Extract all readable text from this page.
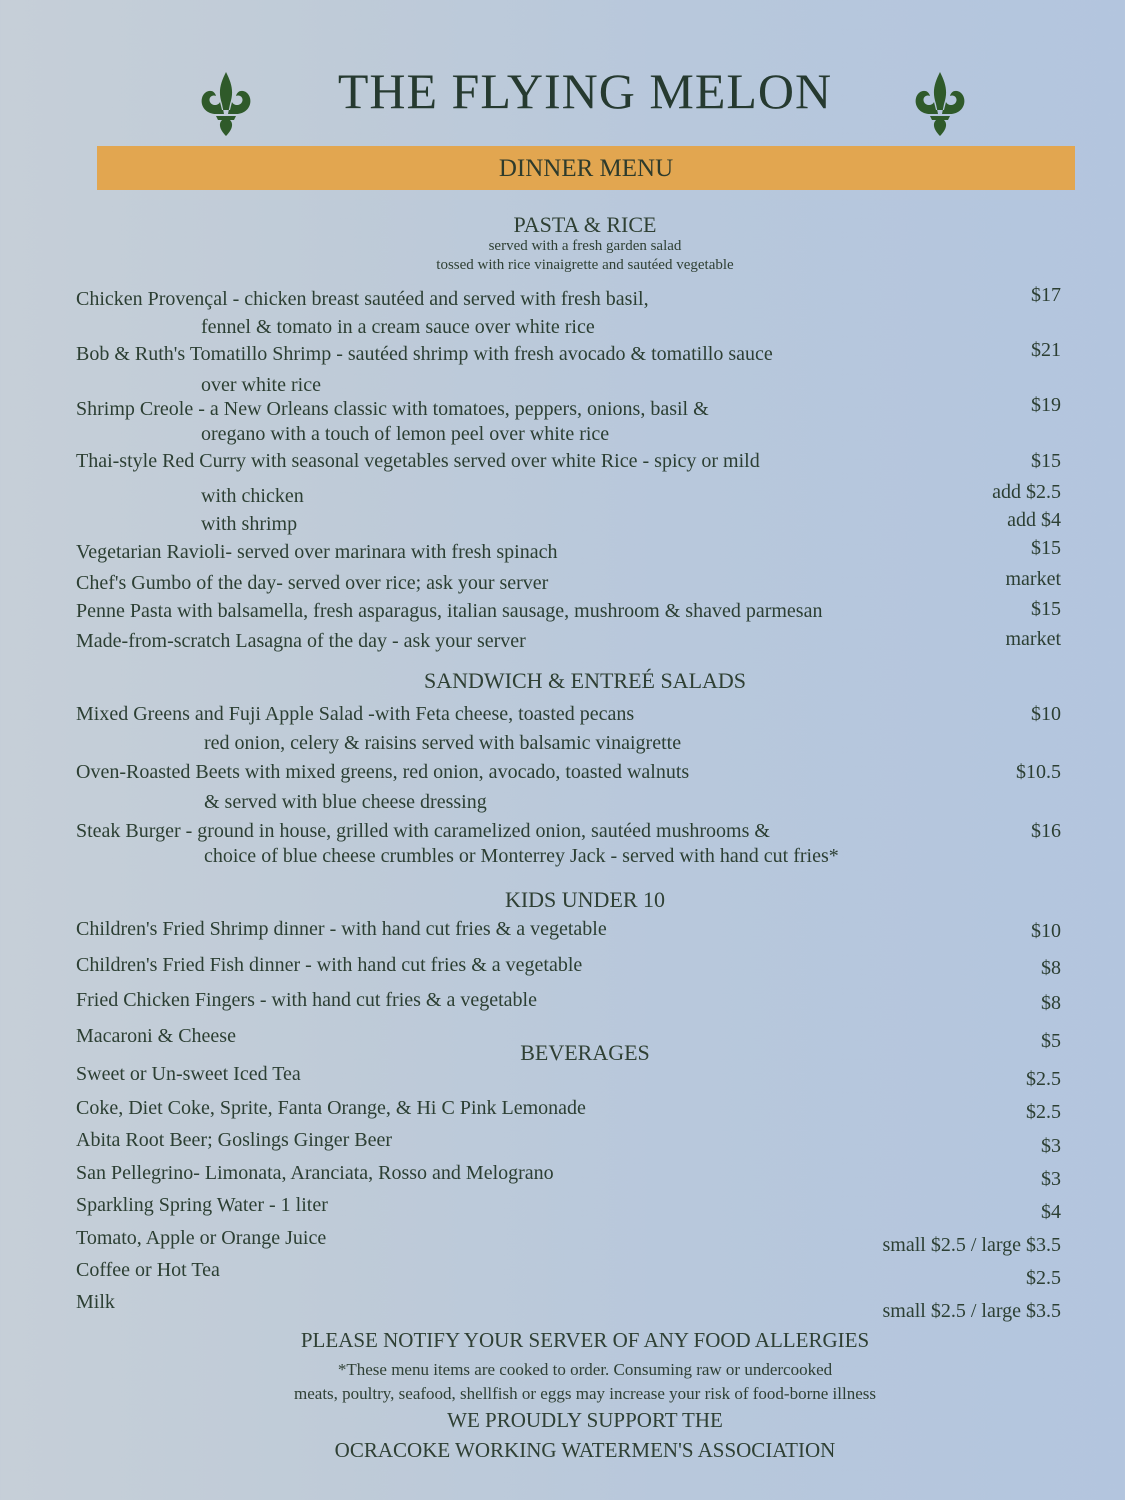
THE FLYING MELON
DINNER MENU
PASTA & RICE
served with a fresh garden salad
tossed with rice vinaigrette and sautéed vegetable
Chicken Provençal - chicken breast sautéed and served with fresh basil,	$17
fennel & tomato in a cream sauce over white rice
Bob & Ruth's Tomatillo Shrimp - sautéed shrimp with fresh avocado & tomatillo sauce	$21
over white rice
Shrimp Creole - a New Orleans classic with tomatoes, peppers, onions, basil &	$19
oregano with a touch of lemon peel over white rice
Thai-style Red Curry with seasonal vegetables served over white Rice - spicy or mild	$15
with chicken	add $2.5
with shrimp	add $4
Vegetarian Ravioli- served over marinara with fresh spinach	$15
Chef's Gumbo of the day- served over rice; ask your server	market
Penne Pasta with balsamella, fresh asparagus, italian sausage, mushroom & shaved parmesan	$15
Made-from-scratch Lasagna of the day - ask your server	market
SANDWICH & ENTREÉ SALADS
Mixed Greens and Fuji Apple Salad -with Feta cheese, toasted pecans	$10
red onion, celery & raisins served with balsamic vinaigrette
Oven-Roasted Beets with mixed greens, red onion, avocado, toasted walnuts	$10.5
& served with blue cheese dressing
Steak Burger - ground in house, grilled with caramelized onion, sautéed mushrooms &	$16
choice of blue cheese crumbles or Monterrey Jack - served with hand cut fries*
KIDS UNDER 10
Children's Fried Shrimp dinner - with hand cut fries & a vegetable	$10
Children's Fried Fish dinner - with hand cut fries & a vegetable	$8
Fried Chicken Fingers - with hand cut fries & a vegetable	$8
Macaroni & Cheese	$5
BEVERAGES
Sweet or Un-sweet Iced Tea	$2.5
Coke, Diet Coke, Sprite, Fanta Orange, & Hi C Pink Lemonade	$2.5
Abita Root Beer; Goslings Ginger Beer	$3
San Pellegrino- Limonata, Aranciata, Rosso and Melograno	$3
Sparkling Spring Water - 1 liter	$4
Tomato, Apple or Orange Juice	small $2.5 / large $3.5
Coffee or Hot Tea	$2.5
Milk	small $2.5 / large $3.5
PLEASE NOTIFY YOUR SERVER OF ANY FOOD ALLERGIES
*These menu items are cooked to order. Consuming raw or undercooked
meats, poultry, seafood, shellfish or eggs may increase your risk of food-borne illness
WE PROUDLY SUPPORT THE
OCRACOKE WORKING WATERMEN'S ASSOCIATION
